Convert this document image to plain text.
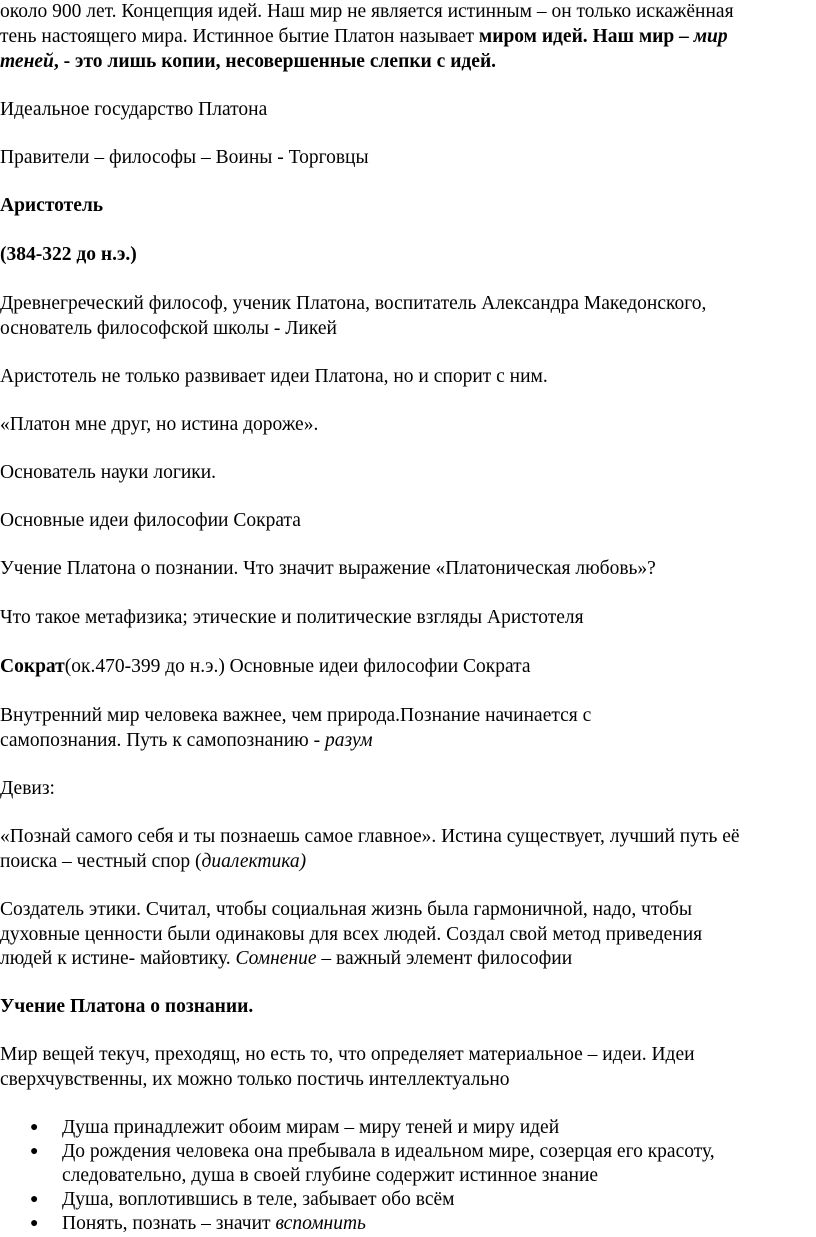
около 900 лет. Концепция идей. Наш мир не является истинным – он только искажённая

тень настоящего мира. Истинное бытие Платон называет миром идей. Наш мир – мир

теней, - это лишь копии, несовершенные слепки с идей.

Идеальное государство Платона

Правители – философы – Воины - Торговцы

Аристотель

(384-322 до н.э.)

Древнегреческий философ, ученик Платона, воспитатель Александра Македонского,

основатель философской школы - Ликей

Аристотель не только развивает идеи Платона, но и спорит с ним.

«Платон мне друг, но истина дороже».

Основатель науки логики.

Основные идеи философии Сократа

Учение Платона о познании. Что значит выражение «Платоническая любовь»?

Что такое метафизика; этические и политические взгляды Аристотеля

Сократ(ок.470-399 до н.э.) Основные идеи философии Сократа

Внутренний мир человека важнее, чем природа.Познание начинается с

самопознания. Путь к самопознанию - разум

Девиз:

«Познай самого себя и ты познаешь самое главное». Истина существует, лучший путь её

поиска – честный спор (диалектика)

Создатель этики. Считал, чтобы социальная жизнь была гармоничной, надо, чтобы

духовные ценности были одинаковы для всех людей. Создал свой метод приведения

людей к истине- майовтику. Сомнение – важный элемент философии

Учение Платона о познании.

Мир вещей текуч, преходящ, но есть то, что определяет материальное – идеи. Идеи

сверхчувственны, их можно только постичь интеллектуально

● Душа принадлежит обоим мирам – миру теней и миру идей

● До рождения человека она пребывала в идеальном мире, созерцая его красоту,

следовательно, душа в своей глубине содержит истинное знание

● Душа, воплотившись в теле, забывает обо всём

● Понять, познать – значит вспомнить
